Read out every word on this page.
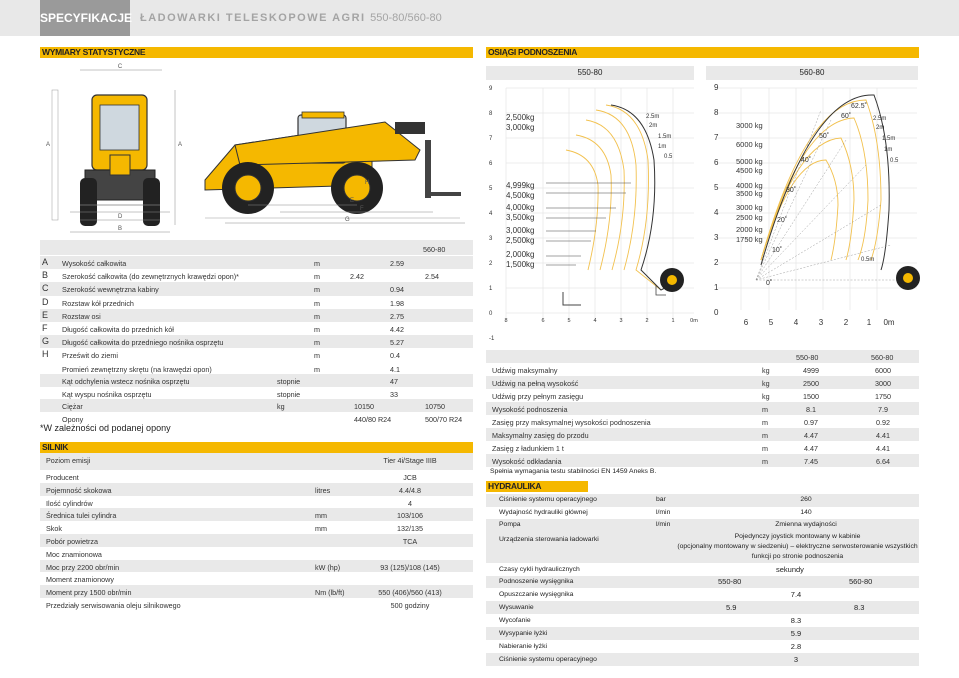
SPECYFIKACJE ŁADOWARKI TELESKOPOWE AGRI 550-80/560-80
WYMIARY STATYSTYCZNE
C
A
D
B
A
E
F
G
H
560-80
A Wysokość całkowita	m	2.59
B Szerokość całkowita (do zewnętrznych krawędzi opon)*	m	2.42	2.54
C Szerokość wewnętrzna kabiny	m	0.94
D Rozstaw kół przednich	m	1.98
E Rozstaw osi	m	2.75
F Długość całkowita do przednich kół	m	4.42
G Długość całkowita do przedniego nośnika osprzętu	m	5.27
H Prześwit do ziemi	m	0.4
Promień zewnętrzny skrętu (na krawędzi opon)	m	4.1
Kąt odchylenia wstecz nośnika osprzętu	stopnie	47
Kąt wyspu nośnika osprzętu	stopnie	33
Ciężar	kg	10150	10750
Opony	440/80 R24	500/70 R24
*W zależności od podanej opony
SILNIK
Poziom emisji	Tier 4i/Stage IIIB
Producent	JCB
Pojemność skokowa	litres	4.4/4.8
Ilość cylindrów	4
Średnica tulei cylindra	mm	103/106
Skok	mm	132/135
Pobór powietrza	TCA
Moc znamionowa
Moc przy 2200 obr/min	kW (hp)	93 (125)/108 (145)
Moment znamionowy
Moment przy 1500 obr/min	Nm (lb/ft)	550 (406)/560 (413)
Przedziały serwisowania oleju silnikowego	500 godziny
OSIĄGI PODNOSZENIA
550-80	560-80
9
8
7
6
5
4
3
2
1
0
-1
8	6	5	4	3	2	1	0m
2,500kg
3,000kg
4,999kg
4,500kg
4,000kg
3,500kg
3,000kg
2,500kg
2,000kg
1,500kg
2.5m
2m
1.5m
1m
0.5
9
8
7
6
5
4
3
2
1
0
6	5	4	3	2 1 0m
3000 kg
6000 kg
5000 kg
4500 kg
4000 kg
3500 kg
3000 kg
2500 kg
2000 kg
1750 kg
62.5˚
60˚
50˚
40˚
30˚
20˚
10˚
0˚
2.5m
2m
1.5m
1m
0.5
0.5m
550-80	560-80
Udźwig maksymalny	kg	4999	6000
Udźwig na pełną wysokość	kg	2500	3000
Udźwig przy pełnym zasięgu	kg	1500	1750
Wysokość podnoszenia	m	8.1	7.9
Zasięg przy maksymalnej wysokości podnoszenia	m	0.97	0.92
Maksymalny zasięg do przodu	m	4.47	4.41
Zasięg z ładunkiem 1 t	m	4.47	4.41
Wysokość odkładania	m	7.45	6.64
Spełnia wymagania testu stabilności EN 1459 Aneks B.
HYDRAULIKA
Ciśnienie systemu operacyjnego	bar	260
Wydajność hydrauliki głównej	l/min	140
Pompa	l/min	Zmienna wydajności
Urządzenia sterowania ładowarki	Pojedynczy joystick montowany w kabinie
(opcjonalny montowany w siedzeniu) – elektryczne serwosterowanie wszystkich
funkcji po stronie podnoszenia
Czasy cykli hydraulicznych	sekundy
Podnoszenie wysięgnika	550-80	560-80
Opuszczanie wysięgnika	7.4
Wysuwanie	5.9	8.3
Wycofanie	8.3
Wysypanie łyżki	5.9
Nabieranie łyżki	2.8
Ciśnienie systemu operacyjnego	3
